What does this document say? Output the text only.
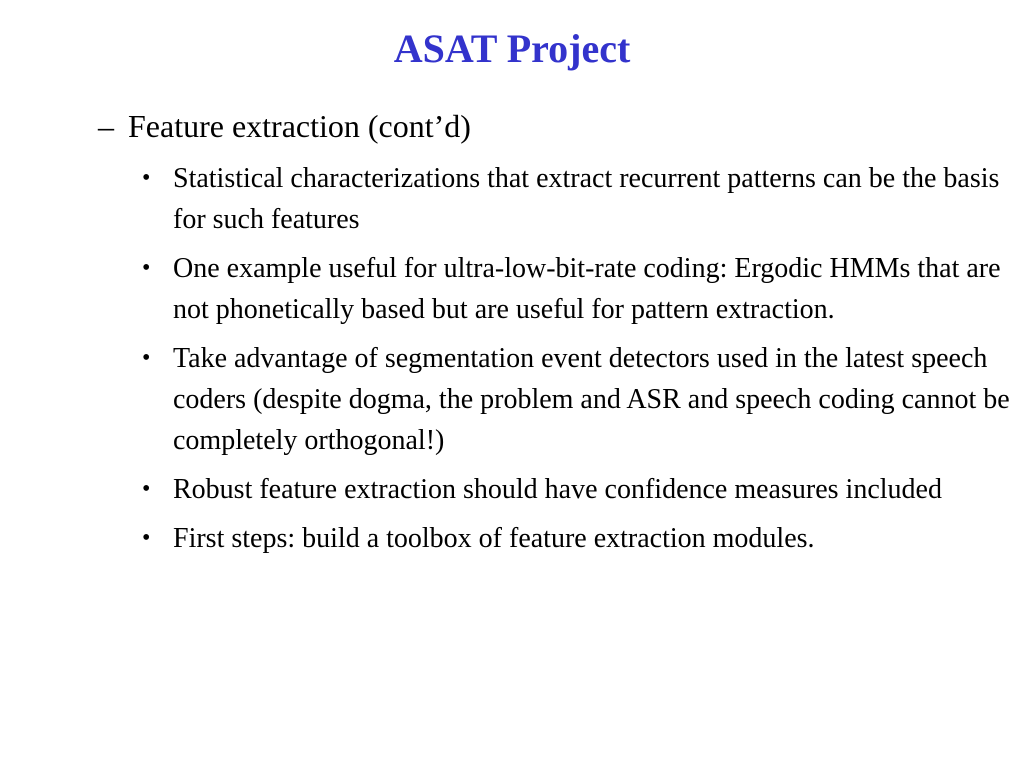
ASAT Project
– Feature extraction (cont’d)
• Statistical characterizations that extract recurrent patterns can be the basis for such features
• One example useful for ultra-low-bit-rate coding: Ergodic HMMs that are not phonetically based but are useful for pattern extraction.
• Take advantage of segmentation event detectors used in the latest speech coders (despite dogma, the problem and ASR and speech coding cannot be completely orthogonal!)
• Robust feature extraction should have confidence measures included
• First steps: build a toolbox of feature extraction modules.
